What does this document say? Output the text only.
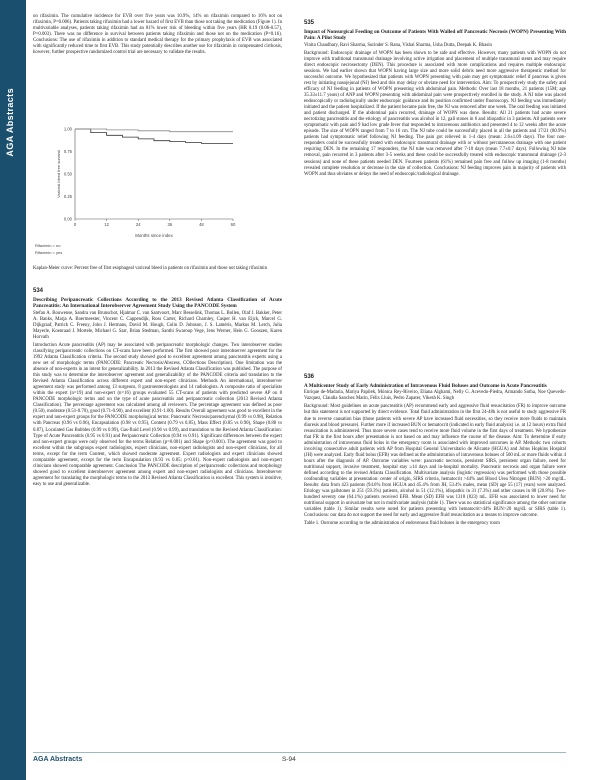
AGA Abstracts
on rifaximin. The cumulative incidence for EVB over five years was 10.9%, 14% on rifaximin compared to 16% not on rifaximin, P=0.006). Patients taking rifaximin had a lower hazard of first EVB than those not taking the medication (Figure 1). In multivariable analyses, patients taking rifaximin had an 81% lower risk of bleeding within five years (HR 0.19 (0.06-0.57), P=0.003). There was no difference in survival between patients taking rifaximin and those not on the medication (P=0.16). Conclusions: The use of rifaximin in addition to standard medical therapy for the primary prophylaxis of EVB was associated with significantly reduced time to first EVB. This study potentially describes another use for rifaximin in compensated cirrhosis, however, further prospective randomized control trial are necessary to validate the results.
0.00
0.25
0.50
0.75
1.00
0	12	24	36	48	60
Variceal bleed free survival
Months since index
Rifaximin = no
Rifaximin = yes
Kaplan-Meier curve: Percent free of first esophageal variceal bleed in patients on rifaximin and those not taking rifaximin
534
Describing Peripancreatic Collections According to the 2013 Revised Atlanta Classification of Acute Pancreatitis: An International Interobserver Agreement Study Using the PANCODE System
Stefan A. Bouwense, Sandra van Brunschot, Hjalmar C. van Santvoort, Marc Besselink, Thomas L. Bollen, Olaf J. Bakker, Peter A. Banks, Marja A. Boermeester, Vincent C. Cappendijk, Ross Carter, Richard Charnley, Casper H. van Eijck, Marcel G. Dijkgraaf, Patrick C. Freeny, John J. Hermans, David M. Hough, Colin D. Johnson, J. S. Laméris, Markus M. Lerch, Julia Mayerle, Koenraad J. Mortele, Michael G. Sarr, Brian Stedman, Santhi Swaroop Vege, Jens Werner, Hein G. Gooszen, Karen Horvath
Introduction Acute pancreatitis (AP) may be associated with peripancreatic morphologic changes. Two interobserver studies classifying peripancreatic collections on CT-scans have been performed. The first showed poor interobserver agreement for the 1992 Atlanta Classification criteria. The second study showed good to excellent agreement among pancreatitis experts using a new set of morphologic terms (PANCODE: Pancreatic Necrosis/Abscess, COllections Description). One limitation was the absence of non-experts in an intent for generalizability. In 2013 the Revised Atlanta Classification was published. The purpose of this study was to determine the interobserver agreement and generalizability of the PANCODE criteria and translation to the Revised Atlanta Classification across different expert and non-expert clinicians. Methods An international, interobserver agreement study was performed among 13 surgeons, 8 gastroenterologists and 14 radiologists. A composite ratio of specialists within the expert (n=19) and non-expert (n=16) groups evaluated 55 CT-scans of patients with predicted severe AP on 8 PANCODE morphologic terms and on the type of acute pancreatitis and peripancreatic collection (2013 Revised Atlanta Classification). The percentage agreement was calculated among all reviewers. The percentage agreement was defined as poor (0.50), moderate (0.51-0.70), good (0.71-0.90), and excellent (0.91-1.00). Results Overall agreement was good to excellent in the expert and non-expert groups for the PANCODE morphological terms: Pancreatic Necrosis/parenchymal (0.99 vs 0.98), Relation with Pancreas (0.96 vs 0.96), Encapsulation (0.98 vs 0.95), Content (0.79 vs 0.85), Mass Effect (0.85 vs 0.90), Shape (0.88 vs 0.87), Loculated Gas Bubbles (0.99 vs 0.99), Gas-fluid Level (0.96 vs 0.99), and translation to the Revised Atlanta Classification: Type of Acute Pancreatitis (0.95 vs 0.91) and Peripancreatic Collection (0.94 vs 0.91). Significant differences between the expert and non-expert groups were only observed for the terms Relation (p=0.001) and Shape (p<0.001). The agreement was good to excellent within the subgroups expert radiologists, expert clinicians, non-expert radiologists and non-expert clinicians, for all terms, except for the term Content, which showed moderate agreement. Expert radiologists and expert clinicians showed comparable agreement, except for the term Encapsulation (0.93 vs 0.85; p<0.01). Non-expert radiologists and non-expert clinicians showed comparable agreement. Conclusion The PANCODE description of peripancreatic collections and morphology showed good to excellent interobserver agreement among expert and non-expert radiologists and clinicians. Interobserver agreement for translating the morphologic terms to the 2013 Revised Atlanta Classification is excellent. This system is intuitive, easy to use and generalizable.
535
Impact of Nonsurgical Feeding on Outcome of Patients With Walled off Pancreatic Necrosis (WOPN) Presenting With Pain: A Pilot Study
Vinita Chaudhary, Ravi Sharma, Surinder S. Rana, Vishal Sharma, Usha Dutta, Deepak K. Bhasin
Background: Endoscopic drainage of WOPN has been shown to be safe and effective. However, many patients with WOPN do not improve with traditional transmural drainage involving active irrigation and placement of multiple transmural stents and may require direct endoscopic necrosectomy (DEN). This procedure is associated with more complications and requires multiple endoscopic sessions. We had earlier shown that WOPN having large size and more solid debris need more aggressive therapeutic method for successful outcome. We hypothesized that patients with WOPN presenting with pain may get symptomatic relief if pancreas is given rest by initiating nasojejunal (NJ) feed and this may delay or obviate need for intervention. Aim: To prospectively study the safety and efficacy of NJ feeding in patients of WOPN presenting with abdominal pain. Methods: Over last 18 months, 21 patients (15M; age 35.33±11.7 years) of ANP and WOPN presenting with abdominal pain were prospectively enrolled in the study. A NJ tube was placed endoscopically or radiologically under endoscopic guidance and its position confirmed under fluoroscopy. NJ feeding was immediately initiated and the patient hospitalized. If the patient became pain free, the NJ was removed after one week. The oral feeding was initiated and patient discharged. If the abdominal pain recurred, drainage of WOPN was done. Results: All 21 patients had acute severe necrotizing pancreatitis and the etiology of pancreatitis was alcohol in 12, gall stones in 6 and idiopathic in 3 patients. All patients were symptomatic with pain and 9 had low grade fever that responded to intravenous antibiotics and presented 4 to 12 weeks after the acute episode. The size of WOPN ranged from 7 to 16 cm. The NJ tube could be successfully placed in all the patients and 17/21 (80.9%) patients had symptomatic relief following NJ feeding. The pain got relieved in 1-4 days (mean: 2.6±1.09 days). The four non-responders could be successfully treated with endoscopic transmural drainage with or without percutaneous drainage with one patient requiring DEN. In the remaining 17 responders, the NJ tube was removed after 7-10 days (mean 7.7±0.7 days). Following NJ tube removal, pain recurred in 3 patients after 3-5 weeks and these could be successfully treated with endoscopic transmural drainage (2-3 sessions) and none of these patients needed DEN. Fourteen patients (61%) remained pain free and follow up imaging (1-8 months) revealed complete resolution or decrease in the size of collection. Conclusions: NJ feeding improves pain in majority of patients with WOPN and thus obviates or delays the need of endoscopic/radiological drainage.
536
A Multicenter Study of Early Administration of Intravenous Fluid Boluses and Outcome in Acute Pancreatitis
Enrique de-Madaria, Mariya Papilek, Mónica Rey-Riveiro, Eliana Alghami, Nelly G. Acevedo-Piedra, Armando Sotha, Noe Quevedo-Vazquez, Claudia Sanchez Marin, Félix Lluis, Pedro Zapater, Vikesh K. Singh
Background: Most guidelines on acute pancreatitis (AP) recommend early and aggressive fluid resuscitation (FR) to improve outcome but this statement is not supported by direct evidence. Total fluid administration in the first 24-48h is not useful to study aggressive FR due to reverse causation bias (those patients with severe AP have increased fluid necessities, so they receive more fluids to maintain diuresis and blood pressure). Further more if increased BUN or hematocrit (indicated in early fluid analysis) i.e. at 12 hours) extra fluid resuscitation is administered. Thus more severe cases tend to receive more fluid volume in the first days of treatment. We hypothesize that FR in the first hours after presentation is not based on and may influence the course of the disease. Aim: To determine if early administration of intravenous fluid bolus in the emergency room is associated with improved outcomes in AP. Methods: two cohorts involving consecutive adult patients with AP from Hospital General Universitario de Alicante (HGUA) and Johns Hopkins Hospital (JH) were analyzed. Early fluid bolus (EFB) was defined as the administration of intravenous boluses of 500 mL or more fluids within 4 hours after the diagnosis of AP. Outcome variables were: pancreatic necrosis, persistent SIRS, persistent organ failure, need for nutritional support, invasive treatment, hospital stay ≥14 days and in-hospital mortality. Pancreatic necrosis and organ failure were defined according to the revised Atlanta Classification. Multivariate analysis (logistic regression) was performed with those possible confounding variables at presentation: center of origin, SIRS criteria, hematocrit >44% and Blood Urea Nitrogen (BUN) >20 mg/dL. Results: data from 423 patients (94.6% from HGUA and 45.4% from JH, 53.4% males, mean (SD) age 55 (17) years) were analyzed. Etiology was gallstones in 251 (59.3%) patients, alcohol in 51 (12.1%), idiopathic in 31 (7.3%) and other causes in 88 (20.8%). Two-hundred seventy one (64.1%) patients received EFB. Mean (SD) EFB was 1318 (823) mL. EFB was associated to lower need for nutritional support in univariate but not in multivariate analysis (table 1). There was no statistical significance among the other outcome variables (table 1). Similar results were noted for patients presenting with hematocrit>44% BUN>20 mg/dL or SIRS (table 1). Conclusions: our data do not support the need for early and aggressive fluid resuscitation as a means to improve outcome.
Table 1. Outcome according to the administration of endovenous fluid boluses in the emergency room
AGA Abstracts	S-94
